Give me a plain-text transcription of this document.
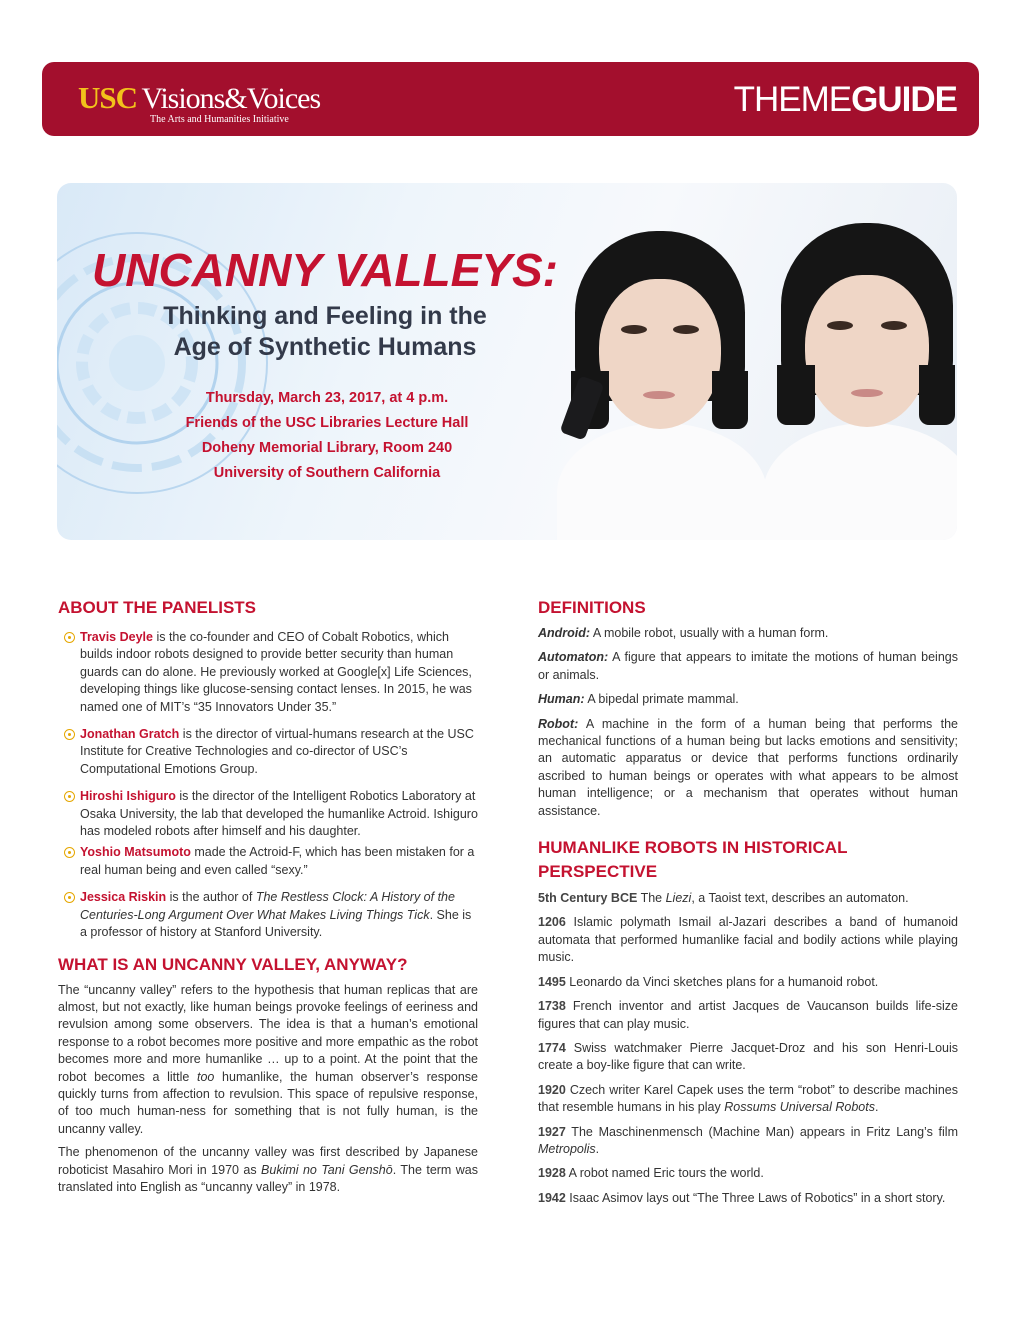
USC Visions&Voices
The Arts and Humanities Initiative
THEMEGUIDE
UNCANNY VALLEYS:
Thinking and Feeling in the
Age of Synthetic Humans
Thursday, March 23, 2017, at 4 p.m.
Friends of the USC Libraries Lecture Hall
Doheny Memorial Library, Room 240
University of Southern California
ABOUT THE PANELISTS
Travis Deyle is the co-founder and CEO of Cobalt Robotics, which builds indoor robots designed to provide better security than human guards can do alone. He previously worked at Google[x] Life Sciences, developing things like glucose-sensing contact lenses. In 2015, he was named one of MIT’s “35 Innovators Under 35.”
Jonathan Gratch is the director of virtual-humans research at the USC Institute for Creative Technologies and co-director of USC’s Computational Emotions Group.
Hiroshi Ishiguro is the director of the Intelligent Robotics Laboratory at Osaka University, the lab that developed the humanlike Actroid. Ishiguro has modeled robots after himself and his daughter.
Yoshio Matsumoto made the Actroid-F, which has been mistaken for a real human being and even called “sexy.”
Jessica Riskin is the author of The Restless Clock: A History of the Centuries-Long Argument Over What Makes Living Things Tick. She is a professor of history at Stanford University.
WHAT IS AN UNCANNY VALLEY, ANYWAY?

The “uncanny valley” refers to the hypothesis that human replicas that are almost, but not exactly, like human beings provoke feelings of eeriness and revulsion among some observers. The idea is that a human’s emotional response to a robot becomes more positive and more empathic as the robot becomes more and more humanlike … up to a point. At the point that the robot becomes a little too humanlike, the human observer’s response quickly turns from affection to revulsion. This space of repulsive response, of too much human-ness for something that is not fully human, is the uncanny valley.

The phenomenon of the uncanny valley was first described by Japanese roboticist Masahiro Mori in 1970 as Bukimi no Tani Genshō. The term was translated into English as “uncanny valley” in 1978.

DEFINITIONS

Android: A mobile robot, usually with a human form.

Automaton: A figure that appears to imitate the motions of human beings or animals.

Human: A bipedal primate mammal.

Robot: A machine in the form of a human being that performs the mechanical functions of a human being but lacks emotions and sensitivity; an automatic apparatus or device that performs functions ordinarily ascribed to human beings or operates with what appears to be almost human intelligence; or a mechanism that operates without human assistance.

HUMANLIKE ROBOTS IN HISTORICAL PERSPECTIVE

5th Century BCE The Liezi, a Taoist text, describes an automaton.

1206 Islamic polymath Ismail al-Jazari describes a band of humanoid automata that performed humanlike facial and bodily actions while playing music.

1495 Leonardo da Vinci sketches plans for a humanoid robot.

1738 French inventor and artist Jacques de Vaucanson builds life-size figures that can play music.

1774 Swiss watchmaker Pierre Jacquet-Droz and his son Henri-Louis create a boy-like figure that can write.

1920 Czech writer Karel Capek uses the term “robot” to describe machines that resemble humans in his play Rossums Universal Robots.

1927 The Maschinenmensch (Machine Man) appears in Fritz Lang’s film Metropolis.

1928 A robot named Eric tours the world.

1942 Isaac Asimov lays out “The Three Laws of Robotics” in a short story.
